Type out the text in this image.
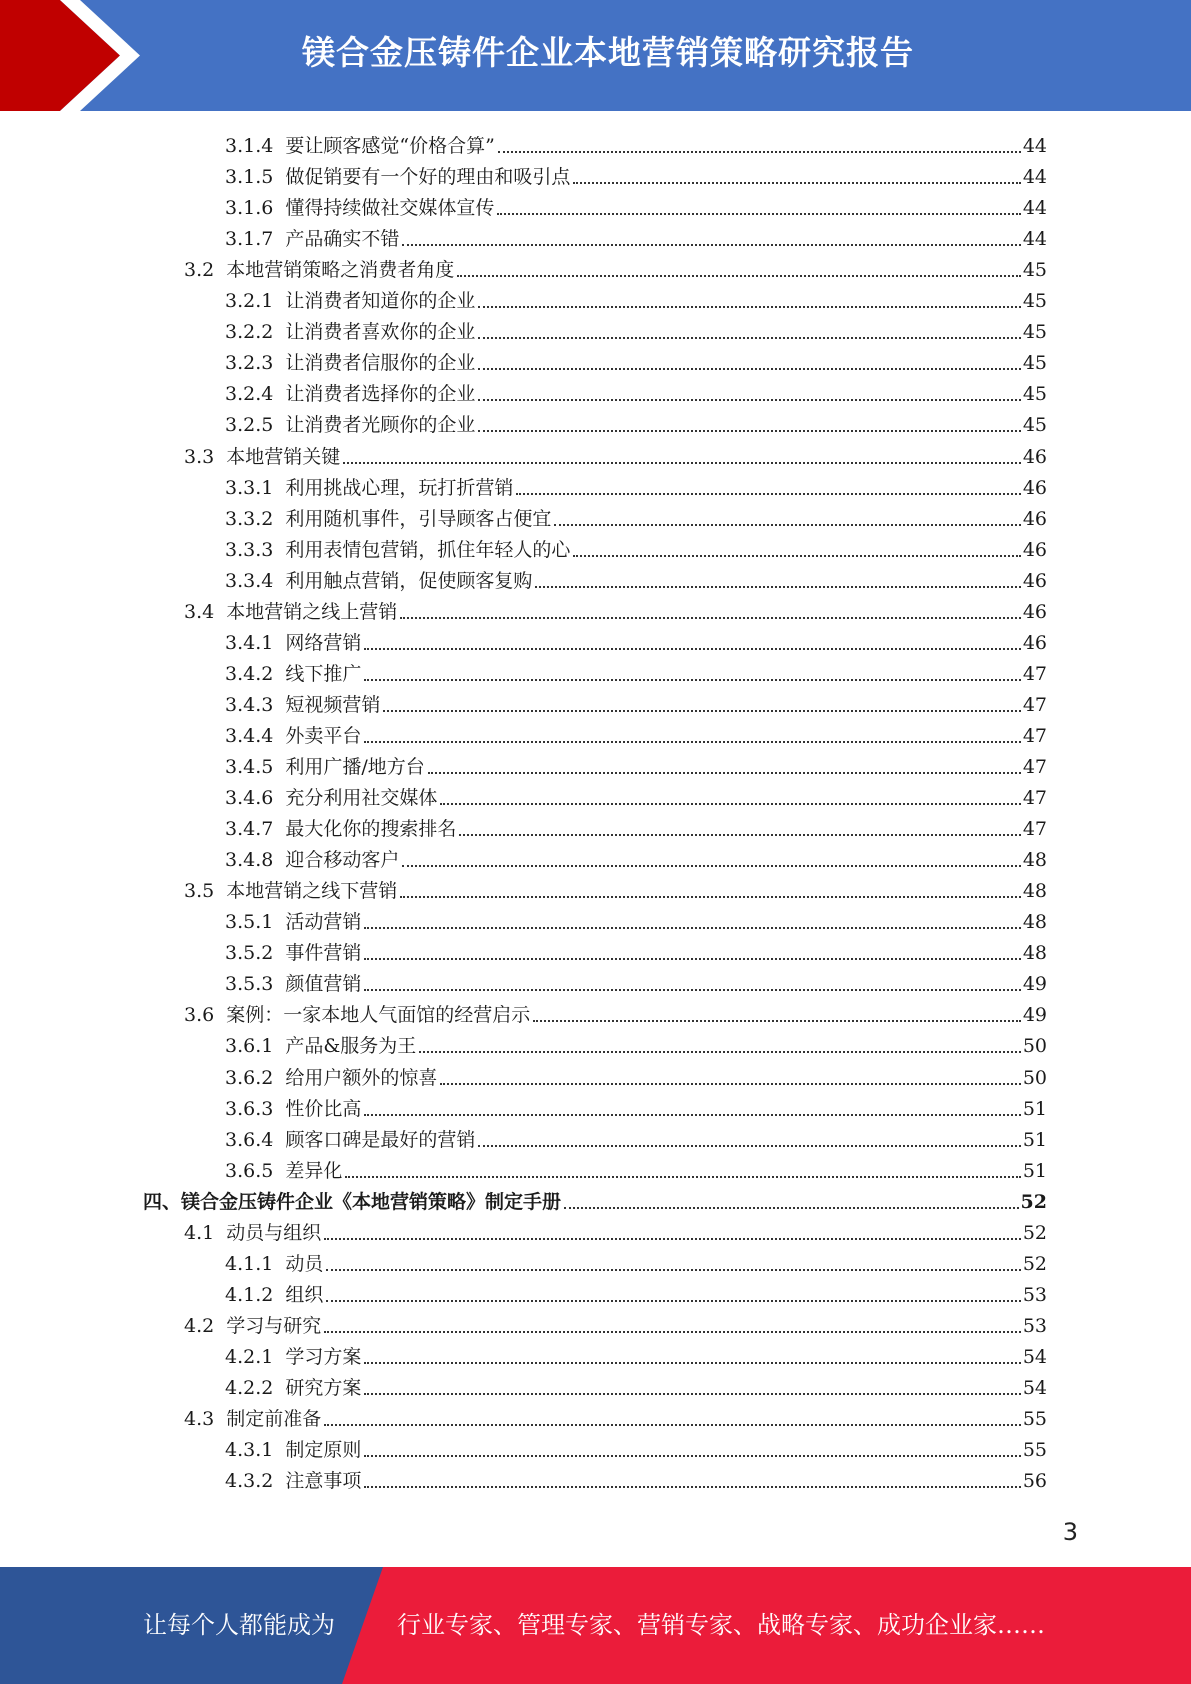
镁合金压铸件企业本地营销策略研究报告
3.1.4 要让顾客感觉“价格合算”	44
3.1.5 做促销要有一个好的理由和吸引点	44
3.1.6 懂得持续做社交媒体宣传	44
3.1.7 产品确实不错	44
3.2 本地营销策略之消费者角度	45
3.2.1 让消费者知道你的企业	45
3.2.2 让消费者喜欢你的企业	45
3.2.3 让消费者信服你的企业	45
3.2.4 让消费者选择你的企业	45
3.2.5 让消费者光顾你的企业	45
3.3 本地营销关键	46
3.3.1 利用挑战心理，玩打折营销	46
3.3.2 利用随机事件，引导顾客占便宜	46
3.3.3 利用表情包营销，抓住年轻人的心	46
3.3.4 利用触点营销，促使顾客复购	46
3.4 本地营销之线上营销	46
3.4.1 网络营销	46
3.4.2 线下推广	47
3.4.3 短视频营销	47
3.4.4 外卖平台	47
3.4.5 利用广播/地方台	47
3.4.6 充分利用社交媒体	47
3.4.7 最大化你的搜索排名	47
3.4.8 迎合移动客户	48
3.5 本地营销之线下营销	48
3.5.1 活动营销	48
3.5.2 事件营销	48
3.5.3 颜值营销	49
3.6 案例：一家本地人气面馆的经营启示	49
3.6.1 产品&服务为王	50
3.6.2 给用户额外的惊喜	50
3.6.3 性价比高	51
3.6.4 顾客口碑是最好的营销	51
3.6.5 差异化	51
四、 镁合金压铸件企业《本地营销策略》制定手册	52
4.1 动员与组织	52
4.1.1 动员	52
4.1.2 组织	53
4.2 学习与研究	53
4.2.1 学习方案	54
4.2.2 研究方案	54
4.3 制定前准备	55
4.3.1 制定原则	55
4.3.2 注意事项	56
3
让每个人都能成为	行业专家、管理专家、营销专家、战略专家、成功企业家……
